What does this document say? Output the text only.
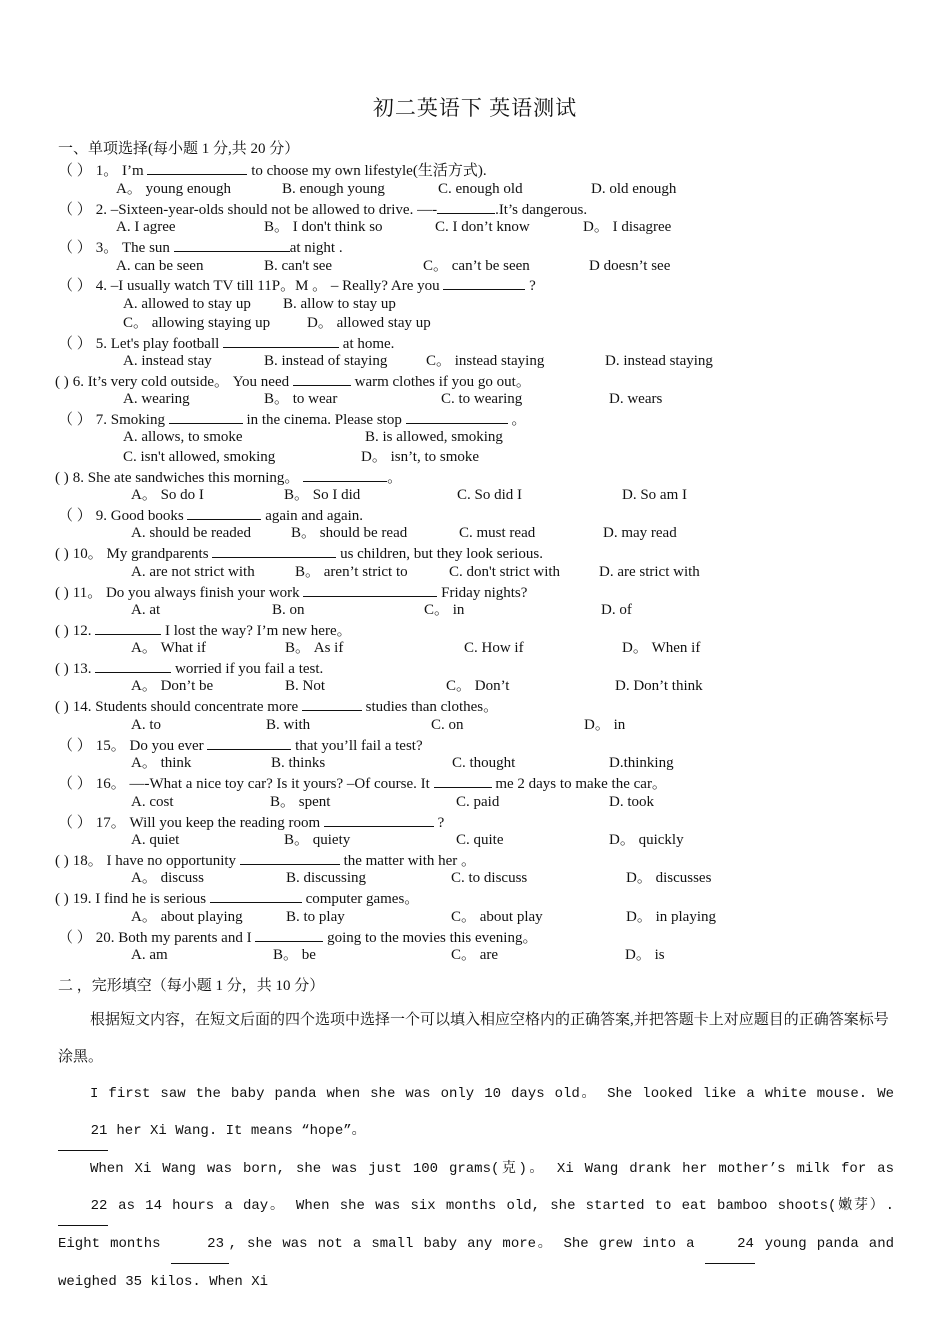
初二英语下 英语测试
一、单项选择(每小题 1 分,共 20 分）
（ ） 1。 I’m	to choose my own lifestyle(生活方式).
A。 young enough	B. enough young	C. enough old	D. old enough
（ ） 2. –Sixteen-year-olds should not be allowed to drive. —-	.It’s dangerous.
A. I agree	B。 I don't think so	C. I don’t know	D。 I disagree
（ ） 3。 The sun	at night .
A. can be seen	B. can't see	C。 can’t be seen	D doesn’t see
（ ） 4. –I usually watch TV till 11P。M 。 – Really? Are you	?
A. allowed to stay up B. allow to stay up
C。 allowing staying up D。 allowed stay up
（ ） 5. Let's play football	at home.
A. instead stay	B. instead of staying	C。 instead staying	D. instead staying
( ) 6. It’s very cold outside。 You need	warm clothes if you go out。
A. wearing	B。 to wear	C. to wearing	D. wears
（ ） 7. Smoking	in the cinema. Please stop	。
A. allows, to smoke	B. is allowed, smoking
C. isn't allowed, smoking	D。 isn’t, to smoke
( ) 8. She ate sandwiches this morning。	。
A。 So do I	B。 So I did	C. So did I	D. So am I
（ ） 9. Good books	again and again.
A. should be readed	B。 should be read	C. must read	D. may read
( ) 10。 My grandparents	us children, but they look serious.
A. are not strict with	B。 aren’t strict to	C. don't strict with	D. are strict with
( ) 11。 Do you always finish your work	Friday nights?
A. at	B. on	C。 in	D. of
( ) 12.	I lost the way? I’m new here。
A。 What if	B。 As if	C. How if	D。 When if
( ) 13.	worried if you fail a test.
A。 Don’t be	B. Not	C。 Don’t	D. Don’t think
( ) 14. Students should concentrate more	studies than clothes。
A. to	B. with	C. on	D。 in
（ ） 15。 Do you ever	that you’ll fail a test?
A。 think	B. thinks	C. thought	D.thinking
（ ） 16。 —-What a nice toy car? Is it yours? –Of course. It	me 2 days to make the car。
A. cost	B。 spent	C. paid	D. took
（ ） 17。 Will you keep the reading room	?
A. quiet	B。 quiety	C. quite	D。 quickly
( ) 18。 I have no opportunity	the matter with her 。
A。 discuss	B. discussing	C. to discuss	D。 discusses
( ) 19. I find he is serious	computer games。
A。 about playing	B. to play	C。 about play	D。 in playing
（ ） 20. Both my parents and I	going to the movies this evening。
A. am	B。 be	C。 are	D。 is
二 ，完形填空（每小题 1 分，共 10 分）
根据短文内容，在短文后面的四个选项中选择一个可以填入相应空格内的正确答案,并把答题卡上对应题目的正确答案标号涂黑。

I first saw the baby panda when she was only 10 days old。 She looked like a white mouse. We 21 her Xi Wang. It means “hope”。

When Xi Wang was born, she was just 100 grams(克)。 Xi Wang drank her mother’s milk for as 22 as 14 hours a day。 When she was six months old, she started to eat bamboo shoots(嫩芽）. Eight months	23 , she was not a small baby any more。 She grew into a 24 young panda and weighed 35 kilos. When Xi
